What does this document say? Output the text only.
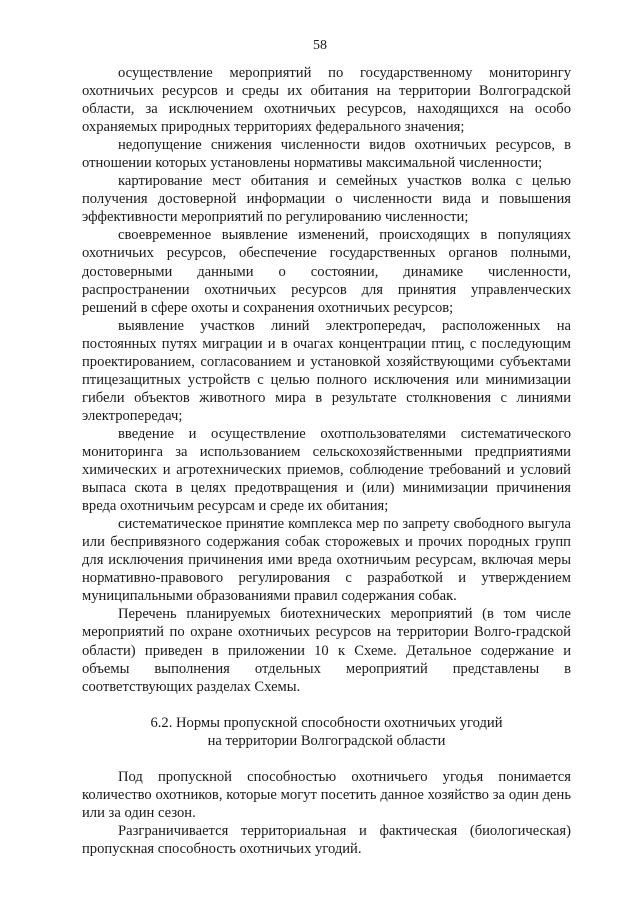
58

осуществление мероприятий по государственному мониторингу охотничьих ресурсов и среды их обитания на территории Волгоградской области, за исключением охотничьих ресурсов, находящихся на особо охраняемых природных территориях федерального значения;

недопущение снижения численности видов охотничьих ресурсов, в отношении которых установлены нормативы максимальной численности;

картирование мест обитания и семейных участков волка с целью получения достоверной информации о численности вида и повышения эффективности мероприятий по регулированию численности;

своевременное выявление изменений, происходящих в популяциях охотничьих ресурсов, обеспечение государственных органов полными, достоверными данными о состоянии, динамике численности, распространении охотничьих ресурсов для принятия управленческих решений в сфере охоты и сохранения охотничьих ресурсов;

выявление участков линий электропередач, расположенных на постоянных путях миграции и в очагах концентрации птиц, с последующим проектированием, согласованием и установкой хозяйствующими субъектами птицезащитных устройств с целью полного исключения или минимизации гибели объектов животного мира в результате столкновения с линиями электропередач;

введение и осуществление охотпользователями систематического мониторинга за использованием сельскохозяйственными предприятиями химических и агротехнических приемов, соблюдение требований и условий выпаса скота в целях предотвращения и (или) минимизации причинения вреда охотничьим ресурсам и среде их обитания;

систематическое принятие комплекса мер по запрету свободного выгула или беспривязного содержания собак сторожевых и прочих породных групп для исключения причинения ими вреда охотничьим ресурсам, включая меры нормативно-правового регулирования с разработкой и утверждением муниципальными образованиями правил содержания собак.

Перечень планируемых биотехнических мероприятий (в том числе мероприятий по охране охотничьих ресурсов на территории Волго-градской области) приведен в приложении 10 к Схеме. Детальное содержание и объемы выполнения отдельных мероприятий представлены в соответствующих разделах Схемы.

6.2. Нормы пропускной способности охотничьих угодий
на территории Волгоградской области

Под пропускной способностью охотничьего угодья понимается количество охотников, которые могут посетить данное хозяйство за один день или за один сезон.

Разграничивается территориальная и фактическая (биологическая) пропускная способность охотничьих угодий.
